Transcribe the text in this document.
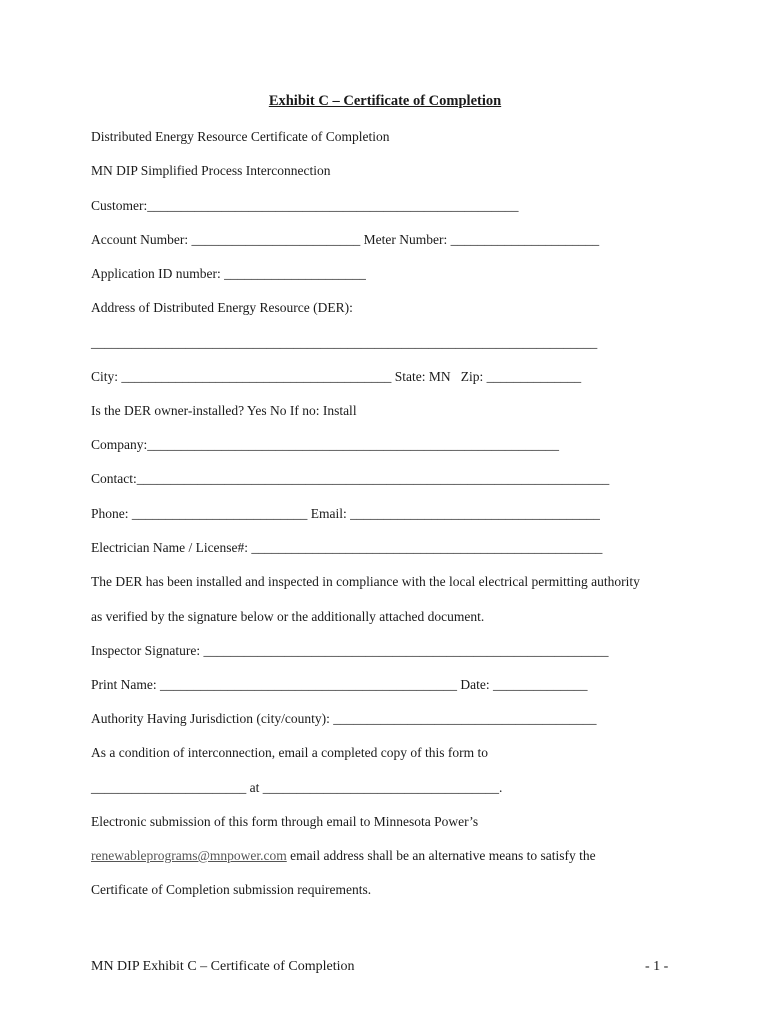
Exhibit C – Certificate of Completion
Distributed Energy Resource Certificate of Completion
MN DIP Simplified Process Interconnection
Customer:_______________________________________________________
Account Number: _________________________ Meter Number: ______________________
Application ID number: _____________________
Address of Distributed Energy Resource (DER):
___________________________________________________________________________
City: ________________________________________ State: MN   Zip: ______________
Is the DER owner-installed? Yes No If no: Install
Company:_____________________________________________________________
Contact:______________________________________________________________________
Phone: __________________________ Email: _____________________________________
Electrician Name / License#: ____________________________________________________
The DER has been installed and inspected in compliance with the local electrical permitting authority
as verified by the signature below or the additionally attached document.
Inspector Signature: ____________________________________________________________
Print Name: ____________________________________________ Date: ______________
Authority Having Jurisdiction (city/county): _______________________________________
As a condition of interconnection, email a completed copy of this form to
_______________________ at ___________________________________.
Electronic submission of this form through email to Minnesota Power’s
renewableprograms@mnpower.com email address shall be an alternative means to satisfy the
Certificate of Completion submission requirements.
MN DIP Exhibit C – Certificate of Completion	- 1 -
